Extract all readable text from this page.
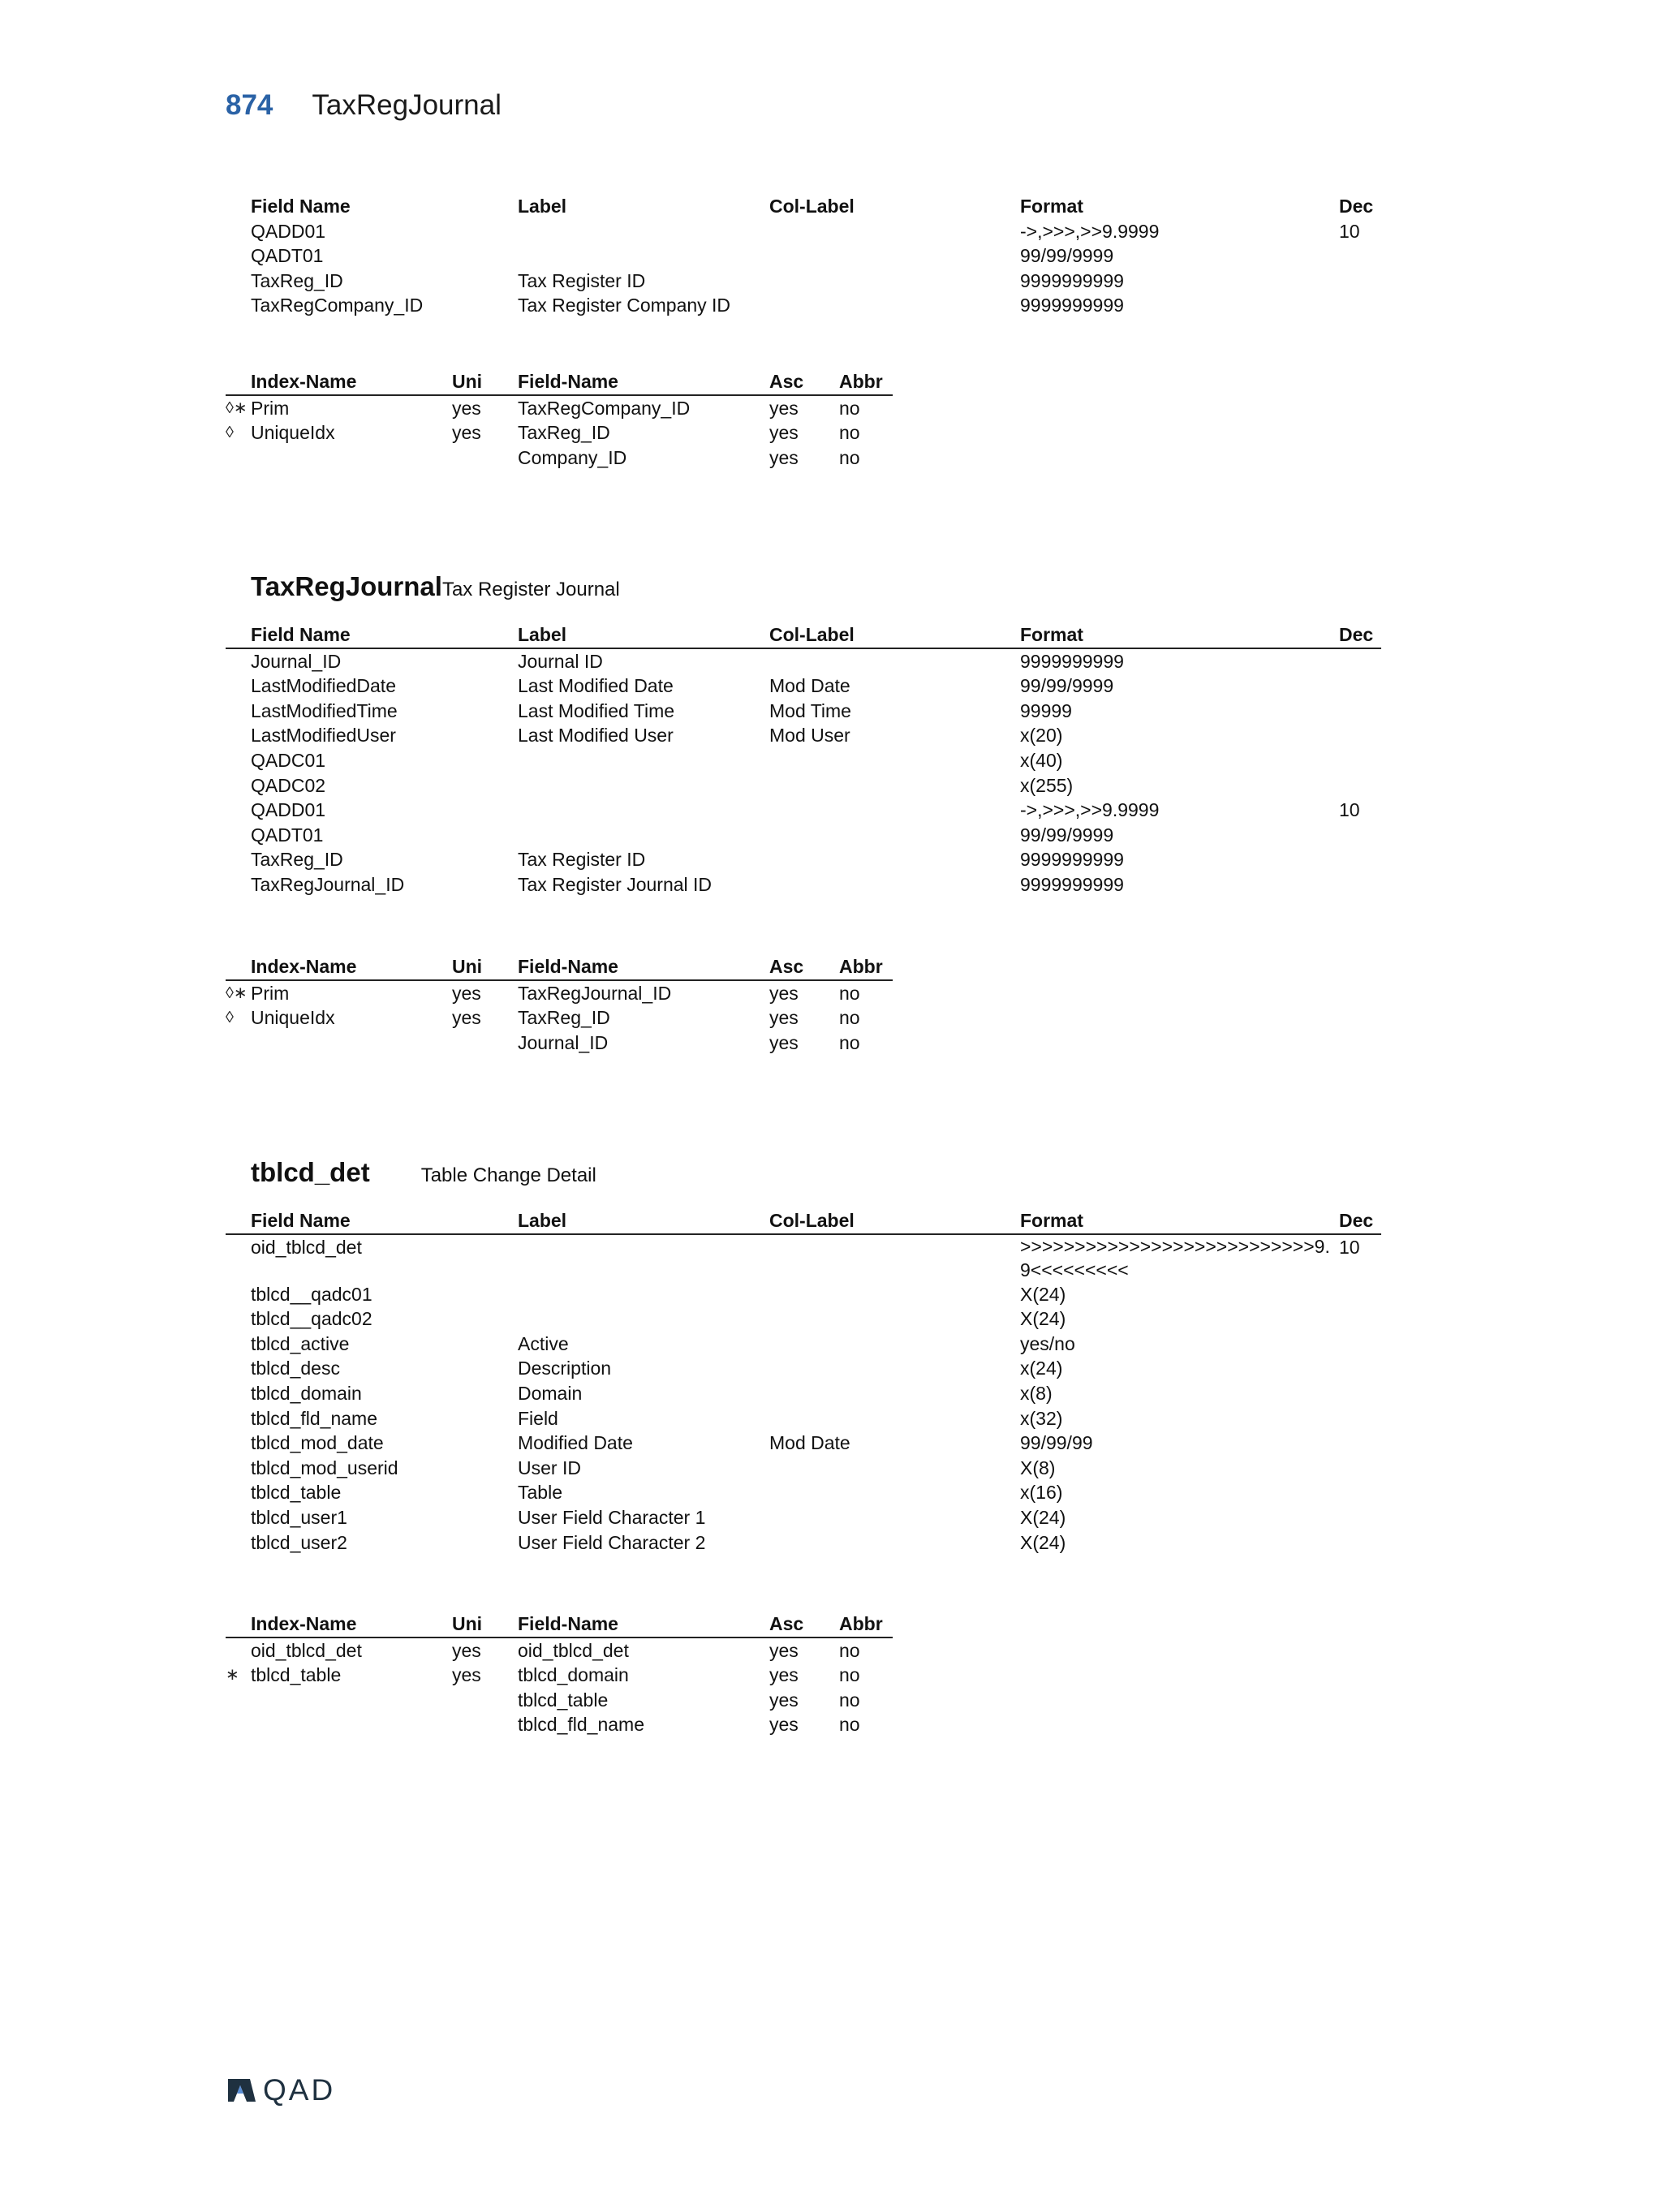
874 TaxRegJournal
	Field Name	Label	Col-Label	Format	Dec
	QADD01			->,>>>,>>9.9999	10
	QADT01			99/99/9999	
	TaxReg_ID	Tax Register ID		9999999999	
	TaxRegCompany_ID	Tax Register Company ID		9999999999	
	Index-Name	Uni	Field-Name	Asc	Abbr
◊∗	Prim	yes	TaxRegCompany_ID	yes	no
◊	UniqueIdx	yes	TaxReg_ID	yes	no
			Company_ID	yes	no
TaxRegJournal Tax Register Journal
	Field Name	Label	Col-Label	Format	Dec
	Journal_ID	Journal ID		9999999999	
	LastModifiedDate	Last Modified Date	Mod Date	99/99/9999	
	LastModifiedTime	Last Modified Time	Mod Time	99999	
	LastModifiedUser	Last Modified User	Mod User	x(20)	
	QADC01			x(40)	
	QADC02			x(255)	
	QADD01			->,>>>,>>9.9999	10
	QADT01			99/99/9999	
	TaxReg_ID	Tax Register ID		9999999999	
	TaxRegJournal_ID	Tax Register Journal ID		9999999999	
	Index-Name	Uni	Field-Name	Asc	Abbr
◊∗	Prim	yes	TaxRegJournal_ID	yes	no
◊	UniqueIdx	yes	TaxReg_ID	yes	no
			Journal_ID	yes	no
tblcd_det	Table Change Detail
	Field Name	Label	Col-Label	Format	Dec
	oid_tblcd_det			>>>>>>>>>>>>>>>>>>>>>>>>>>>9.9<<<<<<<<<	10
	tblcd__qadc01			X(24)	
	tblcd__qadc02			X(24)	
	tblcd_active	Active		yes/no	
	tblcd_desc	Description		x(24)	
	tblcd_domain	Domain		x(8)	
	tblcd_fld_name	Field		x(32)	
	tblcd_mod_date	Modified Date	Mod Date	99/99/99	
	tblcd_mod_userid	User ID		X(8)	
	tblcd_table	Table		x(16)	
	tblcd_user1	User Field Character 1		X(24)	
	tblcd_user2	User Field Character 2		X(24)	
	Index-Name	Uni	Field-Name	Asc	Abbr
	oid_tblcd_det	yes	oid_tblcd_det	yes	no
∗	tblcd_table	yes	tblcd_domain	yes	no
			tblcd_table	yes	no
			tblcd_fld_name	yes	no
QAD
